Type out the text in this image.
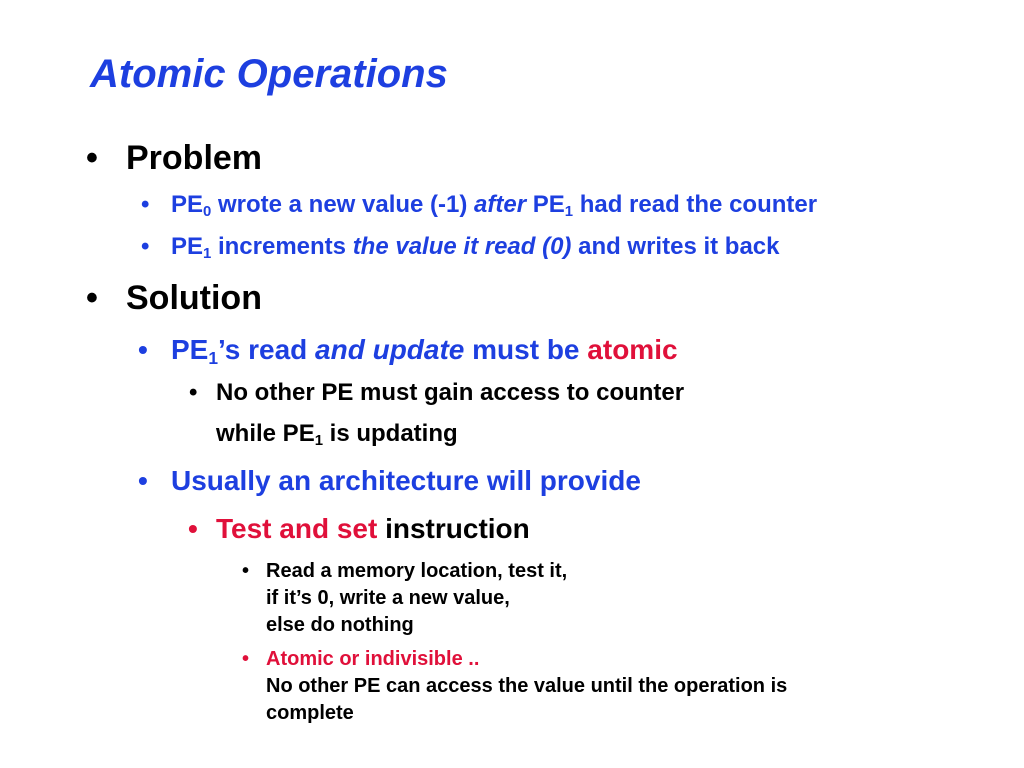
Atomic Operations
• Problem
• $PE_0$ wrote a new value (-1) after $PE_1$ had read the counter
• $PE_1$ increments the value it read (0) and writes it back
• Solution
• $PE_1’s$ read and update must be atomic
• No other PE must gain access to counter
while $PE_1$ is updating
• Usually an architecture will provide
• Test and set instruction
• Read a memory location, test it,
if it’s 0, write a new value,
else do nothing
• Atomic or indivisible ..
No other PE can access the value until the operation is
complete
